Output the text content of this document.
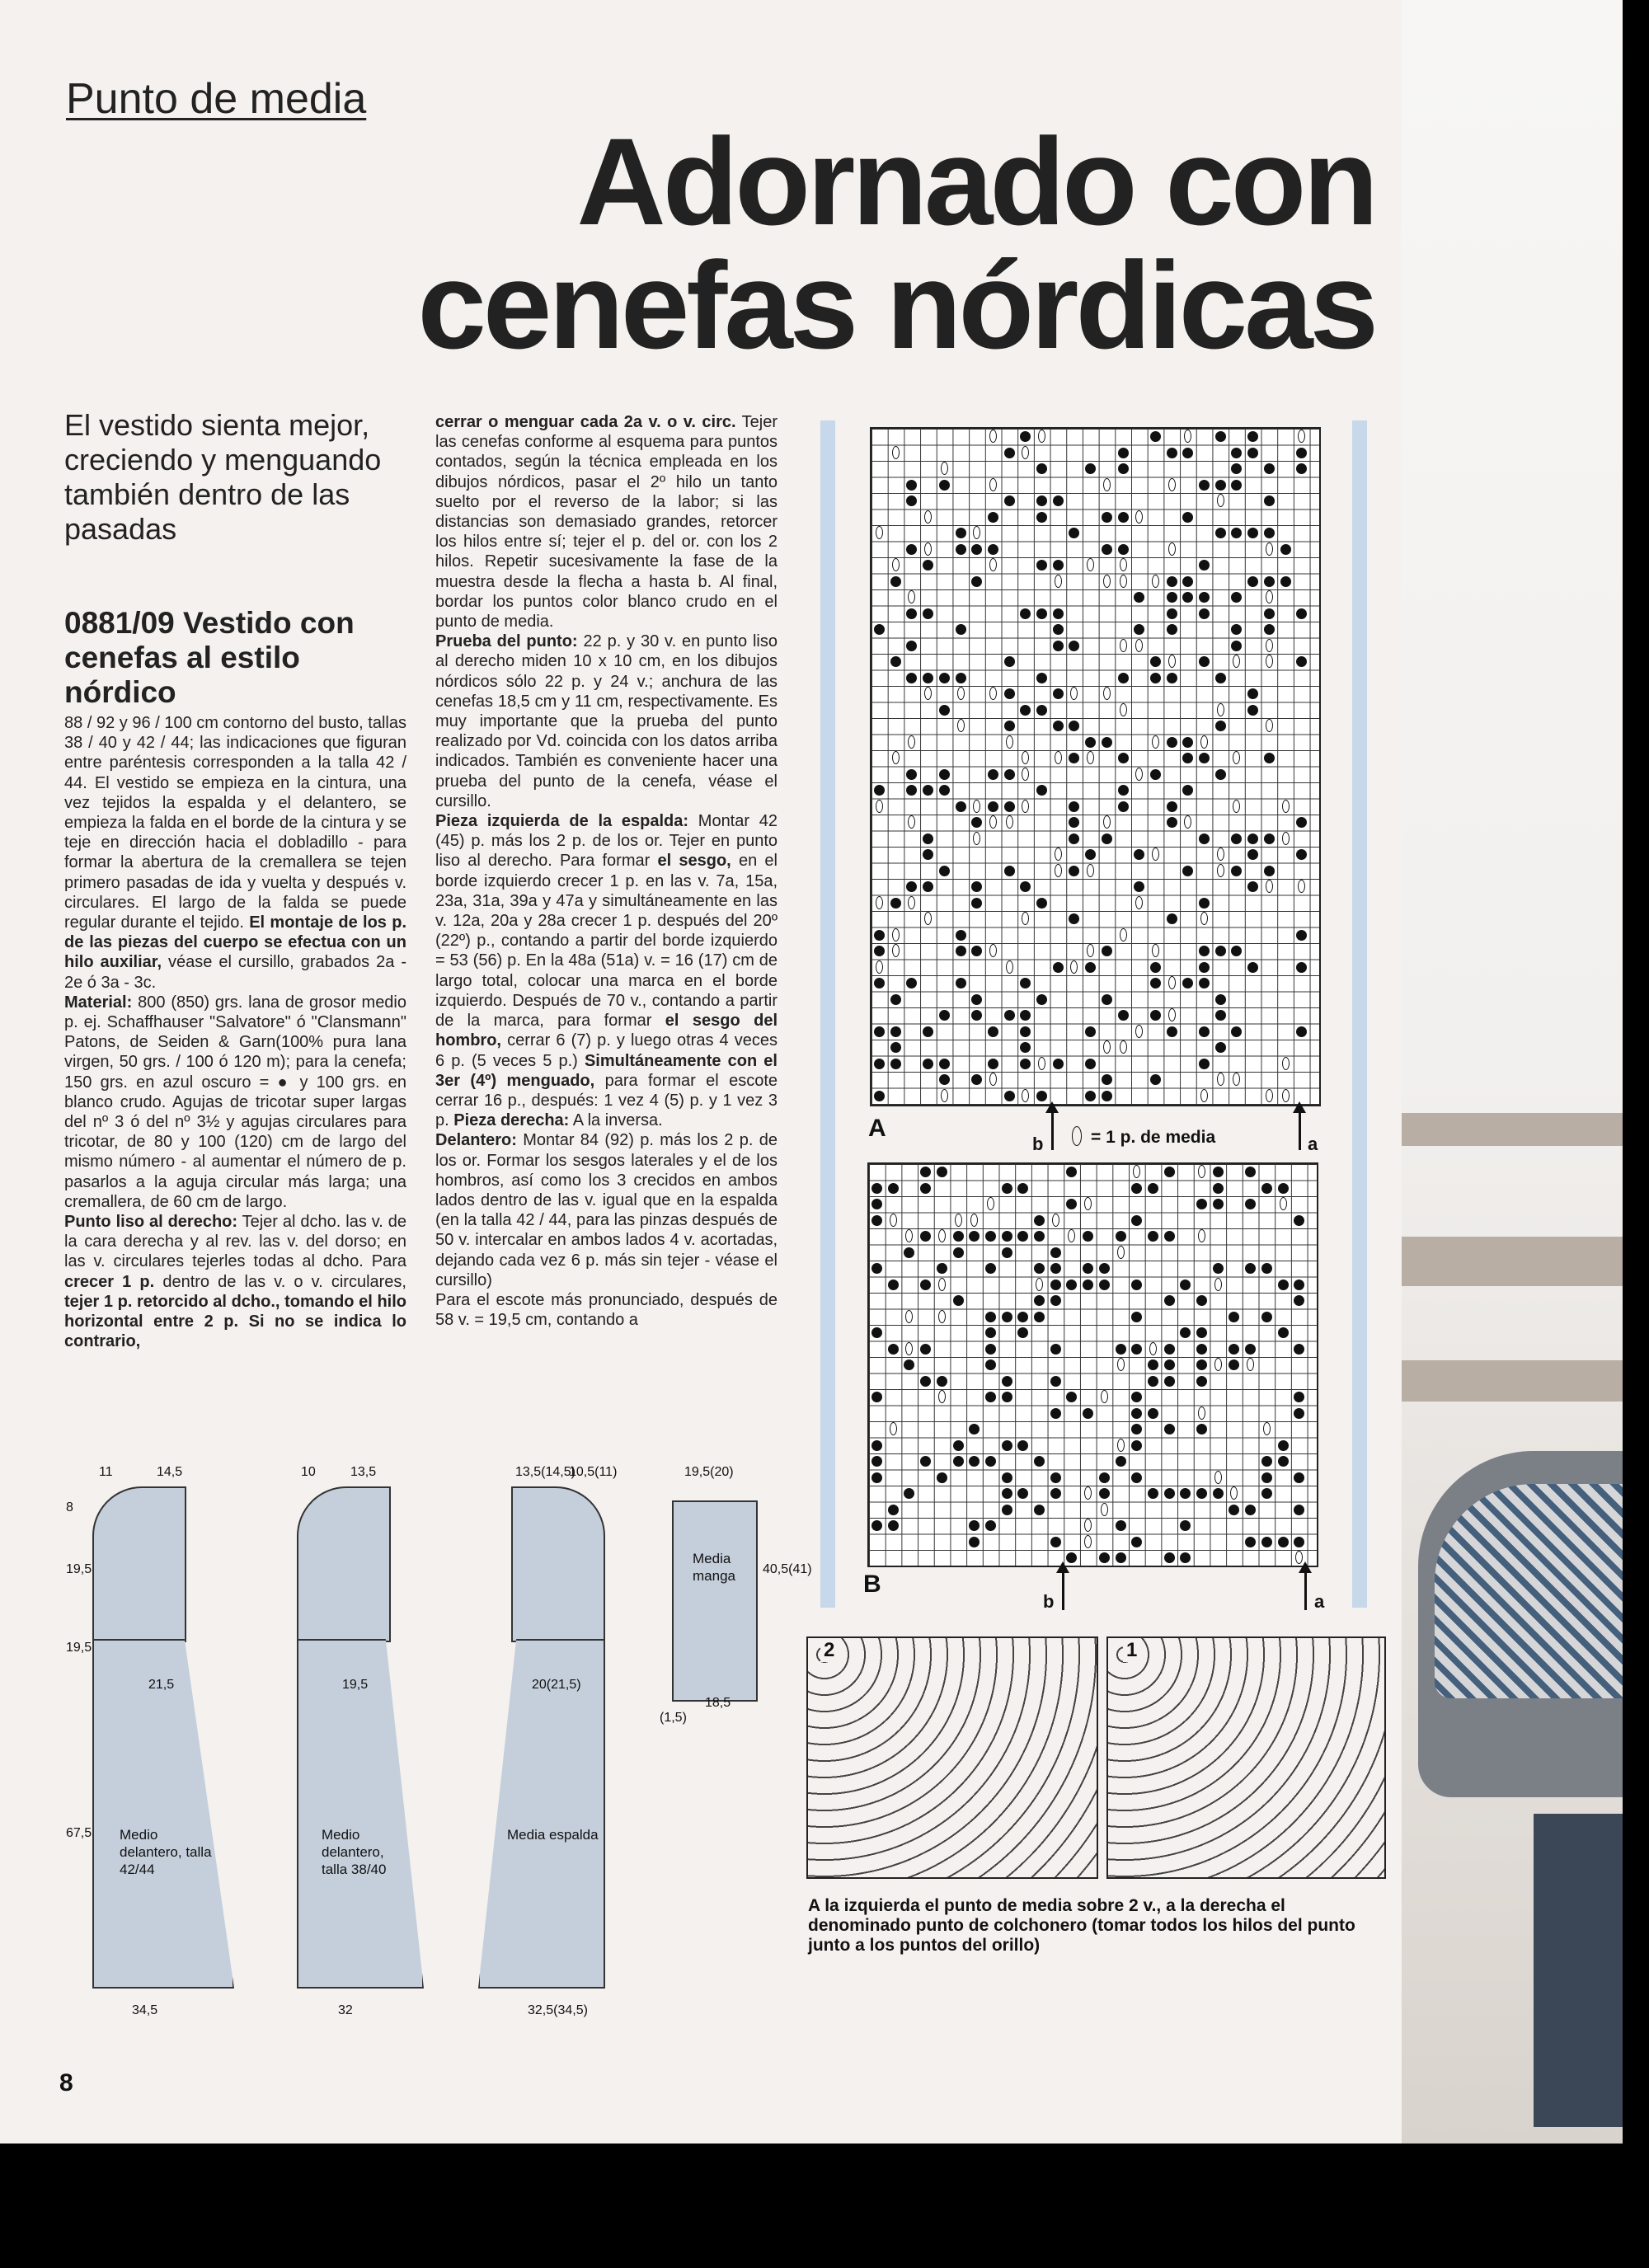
Punto de media

Adornado con
cenefas nórdicas

El vestido sienta mejor, creciendo y menguando también dentro de las pasadas

0881/09 Vestido con cenefas al estilo nórdico

88 / 92 y 96 / 100 cm contorno del busto, tallas 38 / 40 y 42 / 44; las indicaciones que figuran entre paréntesis corresponden a la talla 42 / 44. El vestido se empieza en la cintura, una vez tejidos la espalda y el delantero, se empieza la falda en el borde de la cintura y se teje en dirección hacia el dobladillo - para formar la abertura de la cremallera se tejen primero pasadas de ida y vuelta y después v. circulares. El largo de la falda se puede regular durante el tejido. El montaje de los p. de las piezas del cuerpo se efectua con un hilo auxiliar, véase el cursillo, grabados 2a - 2e ó 3a - 3c.

Material: 800 (850) grs. lana de grosor medio p. ej. Schaffhauser "Salvatore" ó "Clansmann" Patons, de Seiden & Garn(100% pura lana virgen, 50 grs. / 100 ó 120 m); para la cenefa; 150 grs. en azul oscuro = ● y 100 grs. en blanco crudo. Agujas de tricotar super largas del nº 3 ó del nº 3½ y agujas circulares para tricotar, de 80 y 100 (120) cm de largo del mismo número - al aumentar el número de p. pasarlos a la aguja circular más larga; una cremallera, de 60 cm de largo.

Punto liso al derecho: Tejer al dcho. las v. de la cara derecha y al rev. las v. del dorso; en las v. circulares tejerles todas al dcho. Para crecer 1 p. dentro de las v. o v. circulares, tejer 1 p. retorcido al dcho., tomando el hilo horizontal entre 2 p. Si no se indica lo contrario,

cerrar o menguar cada 2a v. o v. circ. Tejer las cenefas conforme al esquema para puntos contados, según la técnica empleada en los dibujos nórdicos, pasar el 2º hilo un tanto suelto por el reverso de la labor; si las distancias son demasiado grandes, retorcer los hilos entre sí; tejer el p. del or. con los 2 hilos. Repetir sucesivamente la fase de la muestra desde la flecha a hasta b. Al final, bordar los puntos color blanco crudo en el punto de media.

Prueba del punto: 22 p. y 30 v. en punto liso al derecho miden 10 x 10 cm, en los dibujos nórdicos sólo 22 p. y 24 v.; anchura de las cenefas 18,5 cm y 11 cm, respectivamente. Es muy importante que la prueba del punto realizado por Vd. coincida con los datos arriba indicados. También es conveniente hacer una prueba del punto de la cenefa, véase el cursillo.

Pieza izquierda de la espalda: Montar 42 (45) p. más los 2 p. de los or. Tejer en punto liso al derecho. Para formar el sesgo, en el borde izquierdo crecer 1 p. en las v. 7a, 15a, 23a, 31a, 39a y 47a y simultáneamente en las v. 12a, 20a y 28a crecer 1 p. después del 20º (22º) p., contando a partir del borde izquierdo = 53 (56) p. En la 48a (51a) v. = 16 (17) cm de largo total, colocar una marca en el borde izquierdo. Después de 70 v., contando a partir de la marca, para formar el sesgo del hombro, cerrar 6 (7) p. y luego otras 4 veces 6 p. (5 veces 5 p.) Simultáneamente con el 3er (4º) menguado, para formar el escote cerrar 16 p., después: 1 vez 4 (5) p. y 1 vez 3 p. Pieza derecha: A la inversa.

Delantero: Montar 84 (92) p. más los 2 p. de los or. Formar los sesgos laterales y el de los hombros, así como los 3 crecidos en ambos lados dentro de las v. igual que en la espalda (en la talla 42 / 44, para las pinzas después de 50 v. intercalar en ambos lados 4 v. acortadas, dejando cada vez 6 p. más sin tejer - véase el cursillo)

Para el escote más pronunciado, después de 58 v. = 19,5 cm, contando a

A
b	= 1 p. de media	a
B
b	a
Medio delantero, talla 42/44
11	14,5
8
19,5
19,5
67,5
21,5
34,5
Medio delantero, talla 38/40
10	13,5
19,5
32
Media espalda
13,5(14,5)
10,5(11)
20(21,5)
32,5(34,5)
Media manga
19,5(20)
18,5
(1,5)
40,5(41)
2	1

A la izquierda el punto de media sobre 2 v., a la derecha el denominado punto de colchonero (tomar todos los hilos del punto junto a los puntos del orillo)

8
